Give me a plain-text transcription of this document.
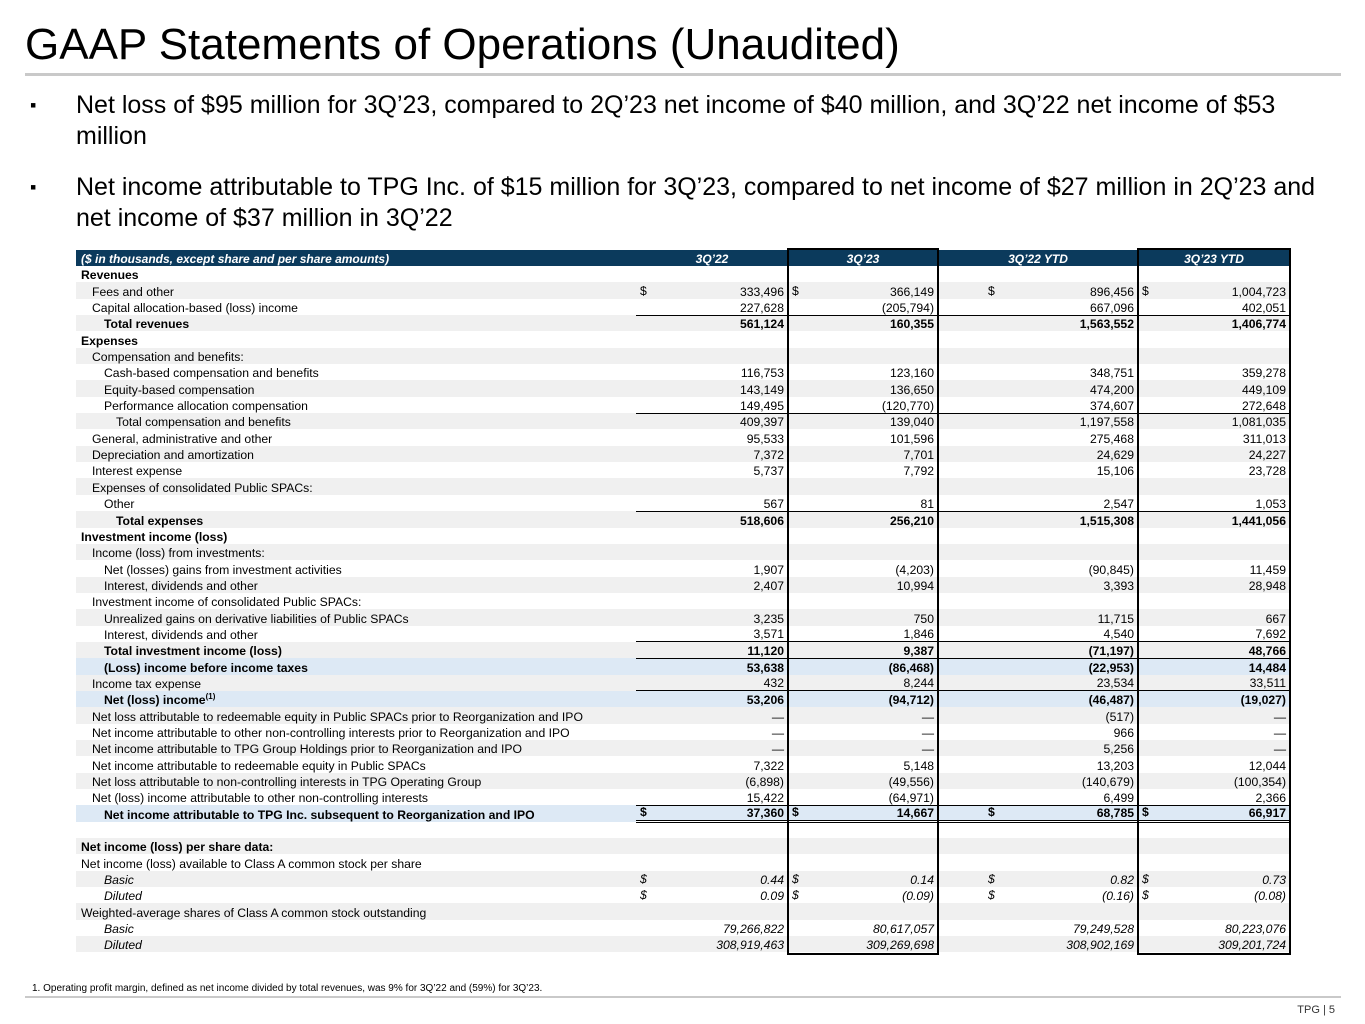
GAAP Statements of Operations (Unaudited)
▪ Net loss of $95 million for 3Q’23, compared to 2Q’23 net income of $40 million, and 3Q’22 net income of $53 million
▪ Net income attributable to TPG Inc. of $15 million for 3Q’23, compared to net income of $27 million in 2Q’23 and net income of $37 million in 3Q’22
($ in thousands, except share and per share amounts)	3Q’22	3Q’23	3Q’22 YTD	3Q’23 YTD
Revenues				
Fees and other	$ 333,496	$ 366,149	$ 896,456	$ 1,004,723
Capital allocation-based (loss) income	227,628	(205,794)	667,096	402,051
Total revenues	561,124	160,355	1,563,552	1,406,774
Expenses				
Compensation and benefits:				
Cash-based compensation and benefits	116,753	123,160	348,751	359,278
Equity-based compensation	143,149	136,650	474,200	449,109
Performance allocation compensation	149,495	(120,770)	374,607	272,648
Total compensation and benefits	409,397	139,040	1,197,558	1,081,035
General, administrative and other	95,533	101,596	275,468	311,013
Depreciation and amortization	7,372	7,701	24,629	24,227
Interest expense	5,737	7,792	15,106	23,728
Expenses of consolidated Public SPACs:				
Other	567	81	2,547	1,053
Total expenses	518,606	256,210	1,515,308	1,441,056
Investment income (loss)				
Income (loss) from investments:				
Net (losses) gains from investment activities	1,907	(4,203)	(90,845)	11,459
Interest, dividends and other	2,407	10,994	3,393	28,948
Investment income of consolidated Public SPACs:				
Unrealized gains on derivative liabilities of Public SPACs	3,235	750	11,715	667
Interest, dividends and other	3,571	1,846	4,540	7,692
Total investment income (loss)	11,120	9,387	(71,197)	48,766
(Loss) income before income taxes	53,638	(86,468)	(22,953)	14,484
Income tax expense	432	8,244	23,534	33,511
Net (loss) income$^{(1)}$	53,206	(94,712)	(46,487)	(19,027)
Net loss attributable to redeemable equity in Public SPACs prior to Reorganization and IPO	—	—	(517)	—
Net income attributable to other non-controlling interests prior to Reorganization and IPO	—	—	966	—
Net income attributable to TPG Group Holdings prior to Reorganization and IPO	—	—	5,256	—
Net income attributable to redeemable equity in Public SPACs	7,322	5,148	13,203	12,044
Net loss attributable to non-controlling interests in TPG Operating Group	(6,898)	(49,556)	(140,679)	(100,354)
Net (loss) income attributable to other non-controlling interests	15,422	(64,971)	6,499	2,366
Net income attributable to TPG Inc. subsequent to Reorganization and IPO	$ 37,360	$ 14,667	$ 68,785	$ 66,917

Net income (loss) per share data:				
Net income (loss) available to Class A common stock per share				
Basic	$ 0.44	$ 0.14	$ 0.82	$ 0.73
Diluted	$ 0.09	$ (0.09)	$ (0.16)	$ (0.08)
Weighted-average shares of Class A common stock outstanding				
Basic	79,266,822	80,617,057	79,249,528	80,223,076
Diluted	308,919,463	309,269,698	308,902,169	309,201,724
1. Operating profit margin, defined as net income divided by total revenues, was 9% for 3Q’22 and (59%) for 3Q’23.
TPG | 5
